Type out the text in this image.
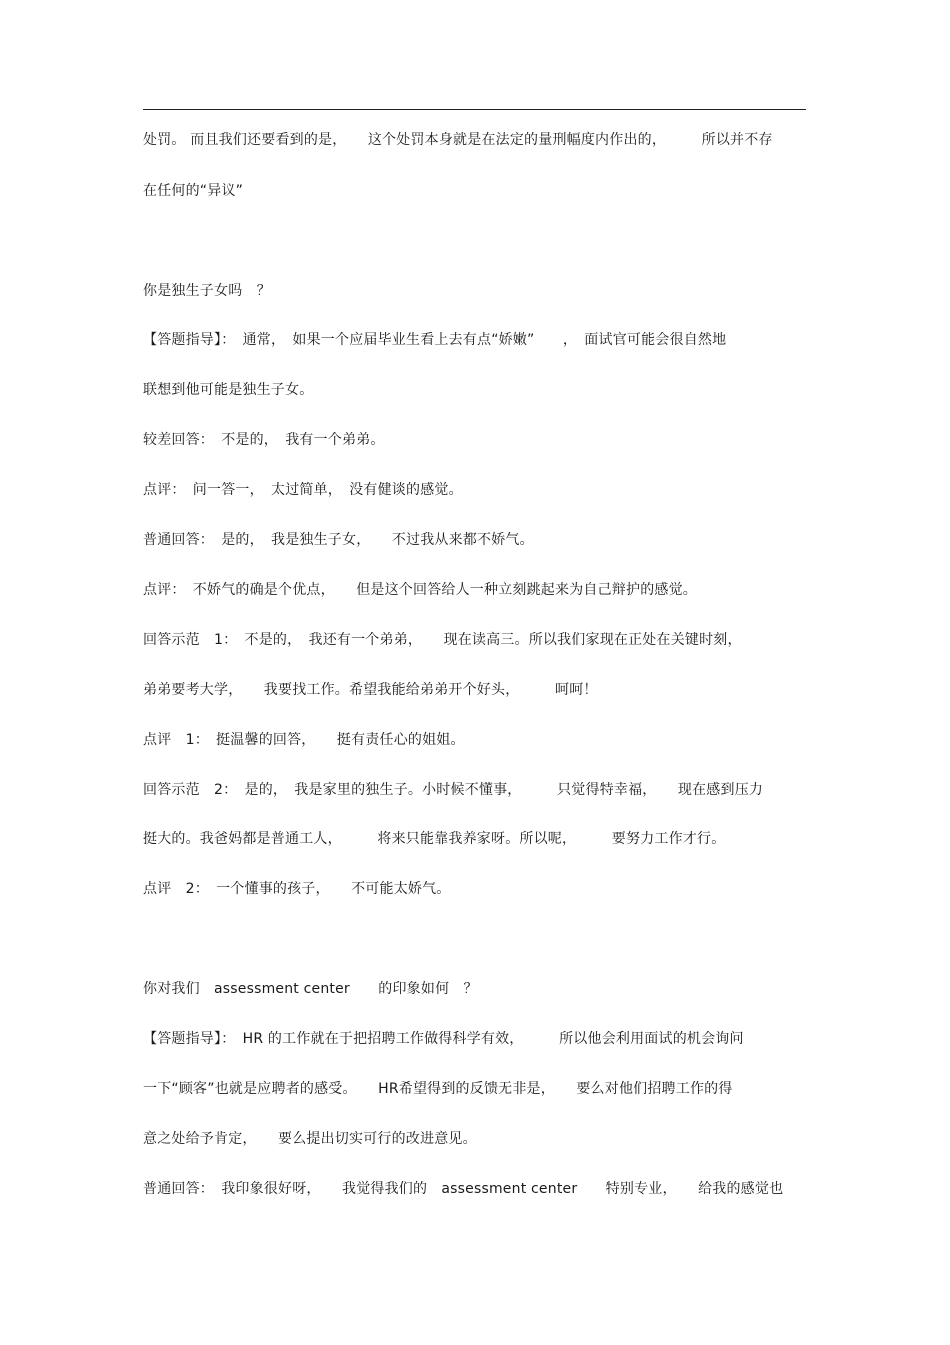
处罚。 而且我们还要看到的是，　　这个处罚本身就是在法定的量刑幅度内作出的，　　　所以并不存
在任何的“异议”
你是独生子女吗　？
【答题指导】：　通常，　如果一个应届毕业生看上去有点“娇嫩”　　，　面试官可能会很自然地
联想到他可能是独生子女。
较差回答：　不是的，　我有一个弟弟。
点评：　问一答一，　太过简单，　没有健谈的感觉。
普通回答：　是的，　我是独生子女，　　不过我从来都不娇气。
点评：　不娇气的确是个优点，　　但是这个回答给人一种立刻跳起来为自己辩护的感觉。
回答示范　1：　不是的，　我还有一个弟弟，　　现在读高三。所以我们家现在正处在关键时刻，
弟弟要考大学，　　我要找工作。希望我能给弟弟开个好头，　　　呵呵！
点评　1：　挺温馨的回答，　　挺有责任心的姐姐。
回答示范　2：　是的，　我是家里的独生子。小时候不懂事，　　　只觉得特幸福，　　现在感到压力
挺大的。我爸妈都是普通工人，　　　将来只能靠我养家呀。所以呢，　　　要努力工作才行。
点评　2：　一个懂事的孩子，　　不可能太娇气。
你对我们　assessment center　　的印象如何　？
【答题指导】：　HR 的工作就在于把招聘工作做得科学有效，　　　所以他会利用面试的机会询问
一下“顾客”也就是应聘者的感受。　　HR希望得到的反馈无非是，　　要么对他们招聘工作的得
意之处给予肯定，　　要么提出切实可行的改进意见。
普通回答：　我印象很好呀，　　我觉得我们的　assessment center　　特别专业，　　给我的感觉也
